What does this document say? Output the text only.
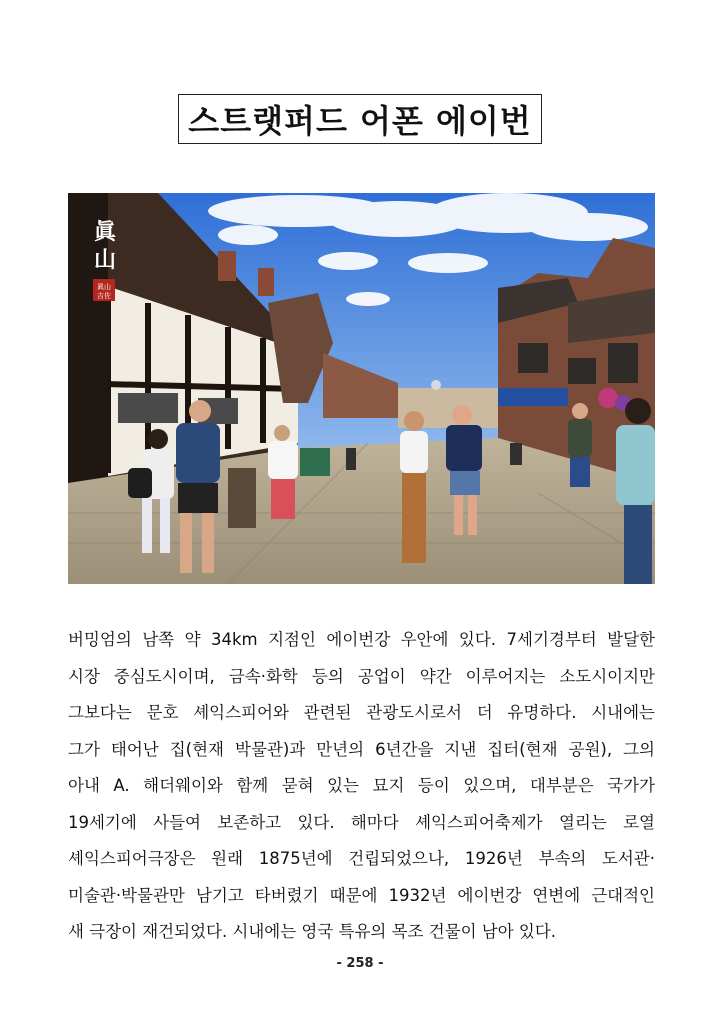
스트랫퍼드 어폰 에이번
眞
山
眞山
吉佐
버밍엄의 남쪽 약 34km 지점인 에이번강 우안에 있다. 7세기경부터 발달한
시장 중심도시이며, 금속·화학 등의 공업이 약간 이루어지는 소도시이지만
그보다는 문호 셰익스피어와 관련된 관광도시로서 더 유명하다. 시내에는
그가 태어난 집(현재 박물관)과 만년의 6년간을 지낸 집터(현재 공원), 그의
아내 A. 해더웨이와 함께 묻혀 있는 묘지 등이 있으며, 대부분은 국가가
19세기에 사들여 보존하고 있다. 해마다 셰익스피어축제가 열리는 로열
셰익스피어극장은 원래 1875년에 건립되었으나, 1926년 부속의 도서관·
미술관·박물관만 남기고 타버렸기 때문에 1932년 에이번강 연변에 근대적인
새 극장이 재건되었다. 시내에는 영국 특유의 목조 건물이 남아 있다.
- 258 -
